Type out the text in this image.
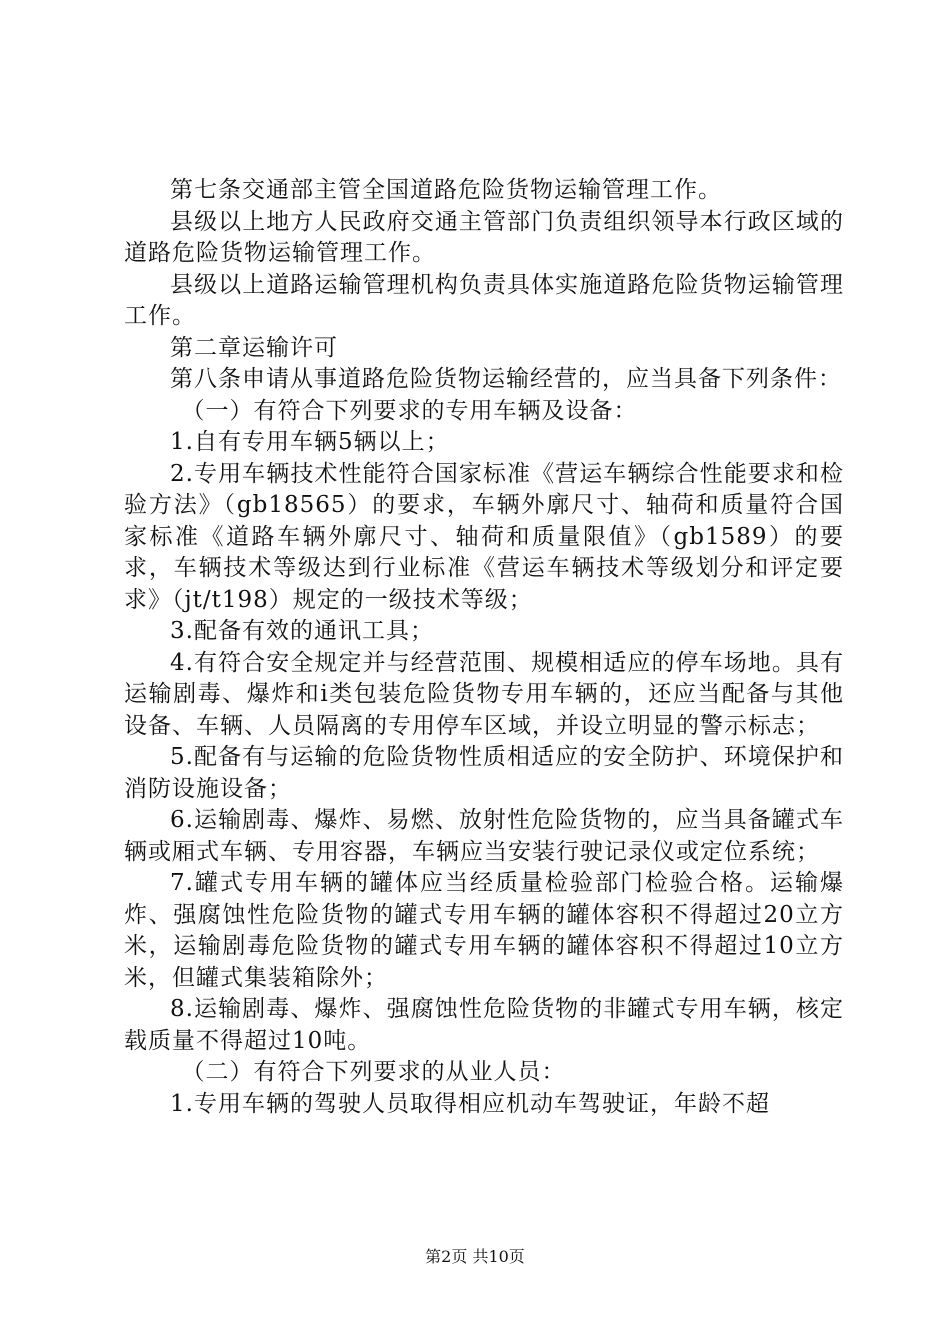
第七条交通部主管全国道路危险货物运输管理工作。

县级以上地方人民政府交通主管部门负责组织领导本行政区域的道路危险货物运输管理工作。

县级以上道路运输管理机构负责具体实施道路危险货物运输管理工作。

第二章运输许可

第八条申请从事道路危险货物运输经营的，应当具备下列条件：

（一）有符合下列要求的专用车辆及设备：

1.自有专用车辆5辆以上；

2.专用车辆技术性能符合国家标准《营运车辆综合性能要求和检验方法》（gb18565）的要求，车辆外廓尺寸、轴荷和质量符合国家标准《道路车辆外廓尺寸、轴荷和质量限值》（gb1589）的要求，车辆技术等级达到行业标准《营运车辆技术等级划分和评定要求》（jt/t198）规定的一级技术等级；

3.配备有效的通讯工具；

4.有符合安全规定并与经营范围、规模相适应的停车场地。具有运输剧毒、爆炸和i类包装危险货物专用车辆的，还应当配备与其他设备、车辆、人员隔离的专用停车区域，并设立明显的警示标志；

5.配备有与运输的危险货物性质相适应的安全防护、环境保护和消防设施设备；

6.运输剧毒、爆炸、易燃、放射性危险货物的，应当具备罐式车辆或厢式车辆、专用容器，车辆应当安装行驶记录仪或定位系统；

7.罐式专用车辆的罐体应当经质量检验部门检验合格。运输爆炸、强腐蚀性危险货物的罐式专用车辆的罐体容积不得超过20立方米，运输剧毒危险货物的罐式专用车辆的罐体容积不得超过10立方米，但罐式集装箱除外；

8.运输剧毒、爆炸、强腐蚀性危险货物的非罐式专用车辆，核定载质量不得超过10吨。

（二）有符合下列要求的从业人员：

1.专用车辆的驾驶人员取得相应机动车驾驶证，年龄不超

第2页 共10页
